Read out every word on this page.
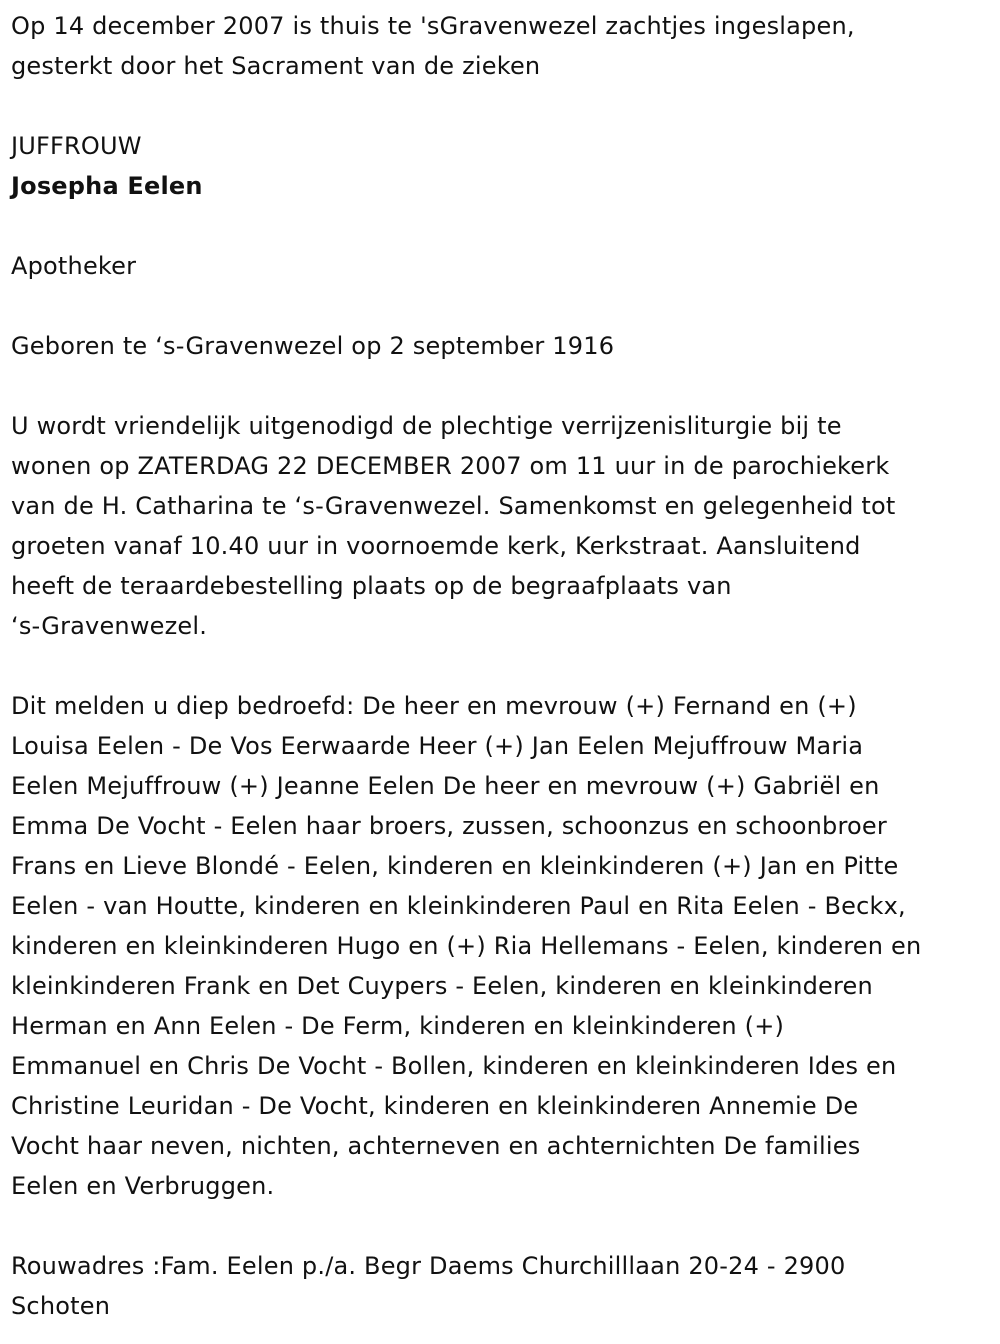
Op 14 december 2007 is thuis te 'sGravenwezel zachtjes ingeslapen,
gesterkt door het Sacrament van de zieken
JUFFROUW
Josepha Eelen
Apotheker
Geboren te ‘s-Gravenwezel op 2 september 1916
U wordt vriendelijk uitgenodigd de plechtige verrijzenisliturgie bij te
wonen op ZATERDAG 22 DECEMBER 2007 om 11 uur in de parochiekerk
van de H. Catharina te ‘s-Gravenwezel. Samenkomst en gelegenheid tot
groeten vanaf 10.40 uur in voornoemde kerk, Kerkstraat. Aansluitend
heeft de teraardebestelling plaats op de begraafplaats van
‘s-Gravenwezel.
Dit melden u diep bedroefd: De heer en mevrouw (+) Fernand en (+)
Louisa Eelen - De Vos Eerwaarde Heer (+) Jan Eelen Mejuffrouw Maria
Eelen Mejuffrouw (+) Jeanne Eelen De heer en mevrouw (+) Gabriël en
Emma De Vocht - Eelen haar broers, zussen, schoonzus en schoonbroer
Frans en Lieve Blondé - Eelen, kinderen en kleinkinderen (+) Jan en Pitte
Eelen - van Houtte, kinderen en kleinkinderen Paul en Rita Eelen - Beckx,
kinderen en kleinkinderen Hugo en (+) Ria Hellemans - Eelen, kinderen en
kleinkinderen Frank en Det Cuypers - Eelen, kinderen en kleinkinderen
Herman en Ann Eelen - De Ferm, kinderen en kleinkinderen (+)
Emmanuel en Chris De Vocht - Bollen, kinderen en kleinkinderen Ides en
Christine Leuridan - De Vocht, kinderen en kleinkinderen Annemie De
Vocht haar neven, nichten, achterneven en achternichten De families
Eelen en Verbruggen.
Rouwadres :Fam. Eelen p./a. Begr Daems Churchilllaan 20-24 - 2900
Schoten
